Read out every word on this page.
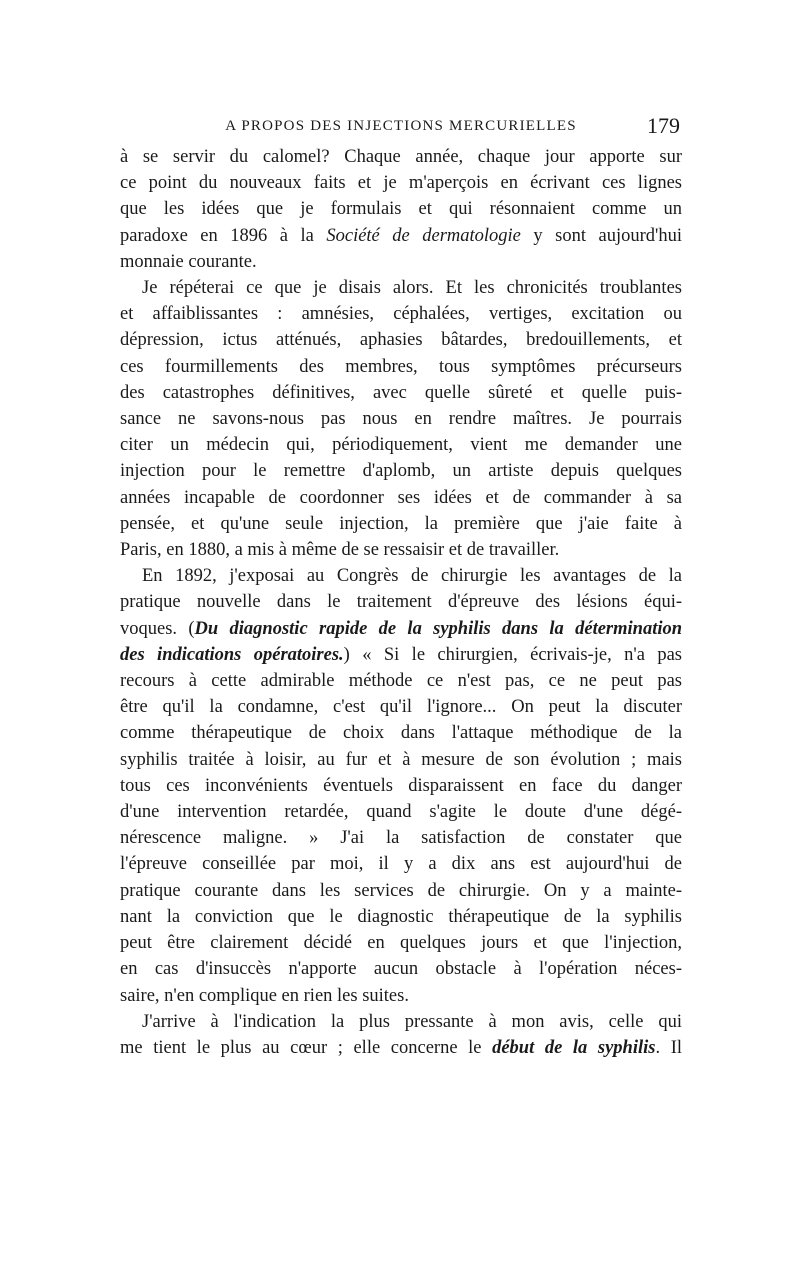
A PROPOS DES INJECTIONS MERCURIELLES	179
à se servir du calomel? Chaque année, chaque jour apporte sur
ce point du nouveaux faits et je m'aperçois en écrivant ces lignes
que les idées que je formulais et qui résonnaient comme un
paradoxe en 1896 à la Société de dermatologie y sont aujourd'hui
monnaie courante.
Je répéterai ce que je disais alors. Et les chronicités troublantes
et affaiblissantes : amnésies, céphalées, vertiges, excitation ou
dépression, ictus atténués, aphasies bâtardes, bredouillements, et
ces fourmillements des membres, tous symptômes précurseurs
des catastrophes définitives, avec quelle sûreté et quelle puis-
sance ne savons-nous pas nous en rendre maîtres. Je pourrais
citer un médecin qui, périodiquement, vient me demander une
injection pour le remettre d'aplomb, un artiste depuis quelques
années incapable de coordonner ses idées et de commander à sa
pensée, et qu'une seule injection, la première que j'aie faite à
Paris, en 1880, a mis à même de se ressaisir et de travailler.
En 1892, j'exposai au Congrès de chirurgie les avantages de la
pratique nouvelle dans le traitement d'épreuve des lésions équi-
voques. (Du diagnostic rapide de la syphilis dans la détermination
des indications opératoires.) « Si le chirurgien, écrivais-je, n'a pas
recours à cette admirable méthode ce n'est pas, ce ne peut pas
être qu'il la condamne, c'est qu'il l'ignore... On peut la discuter
comme thérapeutique de choix dans l'attaque méthodique de la
syphilis traitée à loisir, au fur et à mesure de son évolution ; mais
tous ces inconvénients éventuels disparaissent en face du danger
d'une intervention retardée, quand s'agite le doute d'une dégé-
nérescence maligne. » J'ai la satisfaction de constater que
l'épreuve conseillée par moi, il y a dix ans est aujourd'hui de
pratique courante dans les services de chirurgie. On y a mainte-
nant la conviction que le diagnostic thérapeutique de la syphilis
peut être clairement décidé en quelques jours et que l'injection,
en cas d'insuccès n'apporte aucun obstacle à l'opération néces-
saire, n'en complique en rien les suites.
J'arrive à l'indication la plus pressante à mon avis, celle qui
me tient le plus au cœur ; elle concerne le début de la syphilis. Il
